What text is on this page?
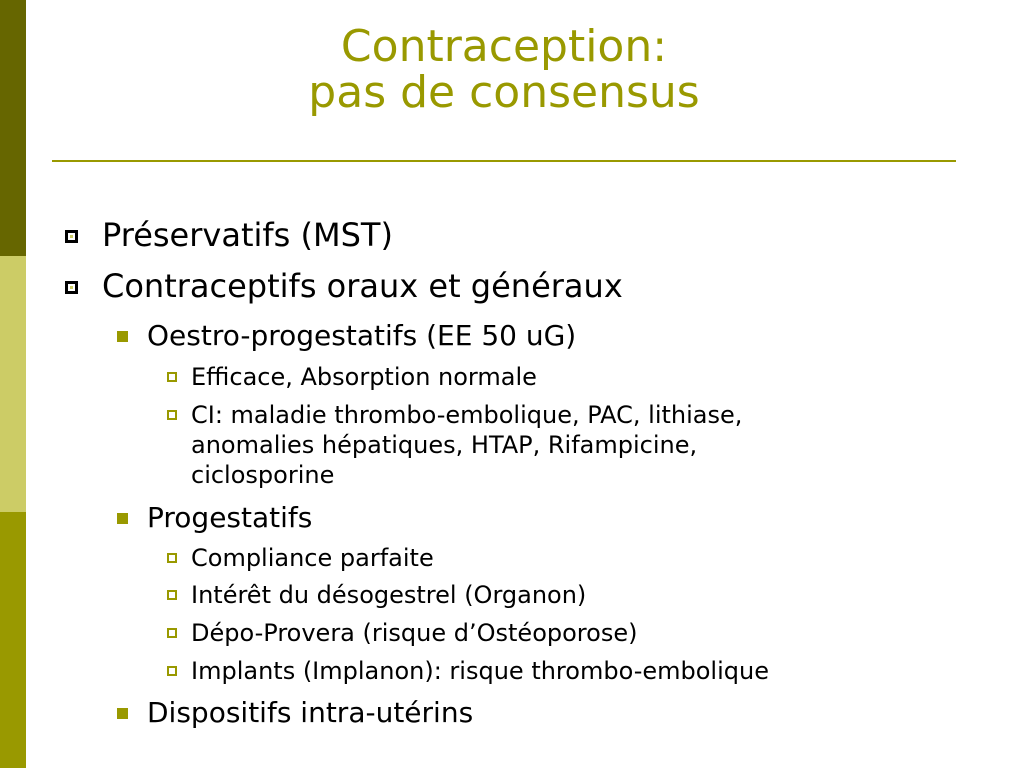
Contraception:
pas de consensus
Préservatifs (MST)
Contraceptifs oraux et généraux
Oestro-progestatifs (EE 50 uG)
Efficace, Absorption normale
CI: maladie thrombo-embolique, PAC, lithiase,
anomalies hépatiques, HTAP, Rifampicine,
ciclosporine
Progestatifs
Compliance parfaite
Intérêt du désogestrel (Organon)
Dépo-Provera (risque d’Ostéoporose)
Implants (Implanon): risque thrombo-embolique
Dispositifs intra-utérins
